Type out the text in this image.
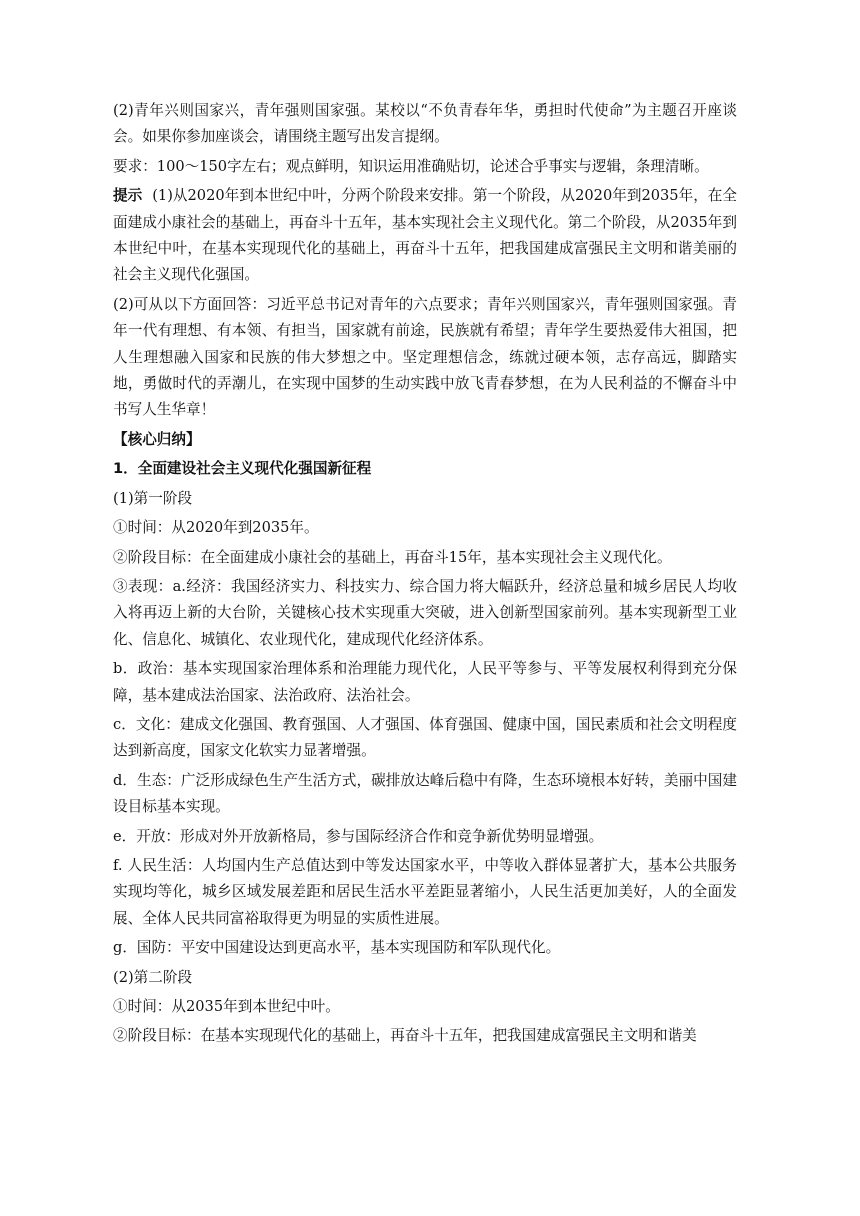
(2)青年兴则国家兴，青年强则国家强。某校以“不负青春年华，勇担时代使命”为主题召开座谈会。如果你参加座谈会，请围绕主题写出发言提纲。

要求：100～150字左右；观点鲜明，知识运用准确贴切，论述合乎事实与逻辑，条理清晰。

提示 (1)从2020年到本世纪中叶，分两个阶段来安排。第一个阶段，从2020年到2035年，在全面建成小康社会的基础上，再奋斗十五年，基本实现社会主义现代化。第二个阶段，从2035年到本世纪中叶，在基本实现现代化的基础上，再奋斗十五年，把我国建成富强民主文明和谐美丽的社会主义现代化强国。

(2)可从以下方面回答：习近平总书记对青年的六点要求；青年兴则国家兴，青年强则国家强。青年一代有理想、有本领、有担当，国家就有前途，民族就有希望；青年学生要热爱伟大祖国，把人生理想融入国家和民族的伟大梦想之中。坚定理想信念，练就过硬本领，志存高远，脚踏实地，勇做时代的弄潮儿，在实现中国梦的生动实践中放飞青春梦想，在为人民利益的不懈奋斗中书写人生华章！

【核心归纳】

1．全面建设社会主义现代化强国新征程

(1)第一阶段

①时间：从2020年到2035年。

②阶段目标：在全面建成小康社会的基础上，再奋斗15年，基本实现社会主义现代化。

③表现：a.经济：我国经济实力、科技实力、综合国力将大幅跃升，经济总量和城乡居民人均收入将再迈上新的大台阶，关键核心技术实现重大突破，进入创新型国家前列。基本实现新型工业化、信息化、城镇化、农业现代化，建成现代化经济体系。

b．政治：基本实现国家治理体系和治理能力现代化，人民平等参与、平等发展权利得到充分保障，基本建成法治国家、法治政府、法治社会。

c．文化：建成文化强国、教育强国、人才强国、体育强国、健康中国，国民素质和社会文明程度达到新高度，国家文化软实力显著增强。

d．生态：广泛形成绿色生产生活方式，碳排放达峰后稳中有降，生态环境根本好转，美丽中国建设目标基本实现。

e．开放：形成对外开放新格局，参与国际经济合作和竞争新优势明显增强。

f. 人民生活：人均国内生产总值达到中等发达国家水平，中等收入群体显著扩大，基本公共服务实现均等化，城乡区域发展差距和居民生活水平差距显著缩小，人民生活更加美好，人的全面发展、全体人民共同富裕取得更为明显的实质性进展。

g．国防：平安中国建设达到更高水平，基本实现国防和军队现代化。

(2)第二阶段

①时间：从2035年到本世纪中叶。

②阶段目标：在基本实现现代化的基础上，再奋斗十五年，把我国建成富强民主文明和谐美
